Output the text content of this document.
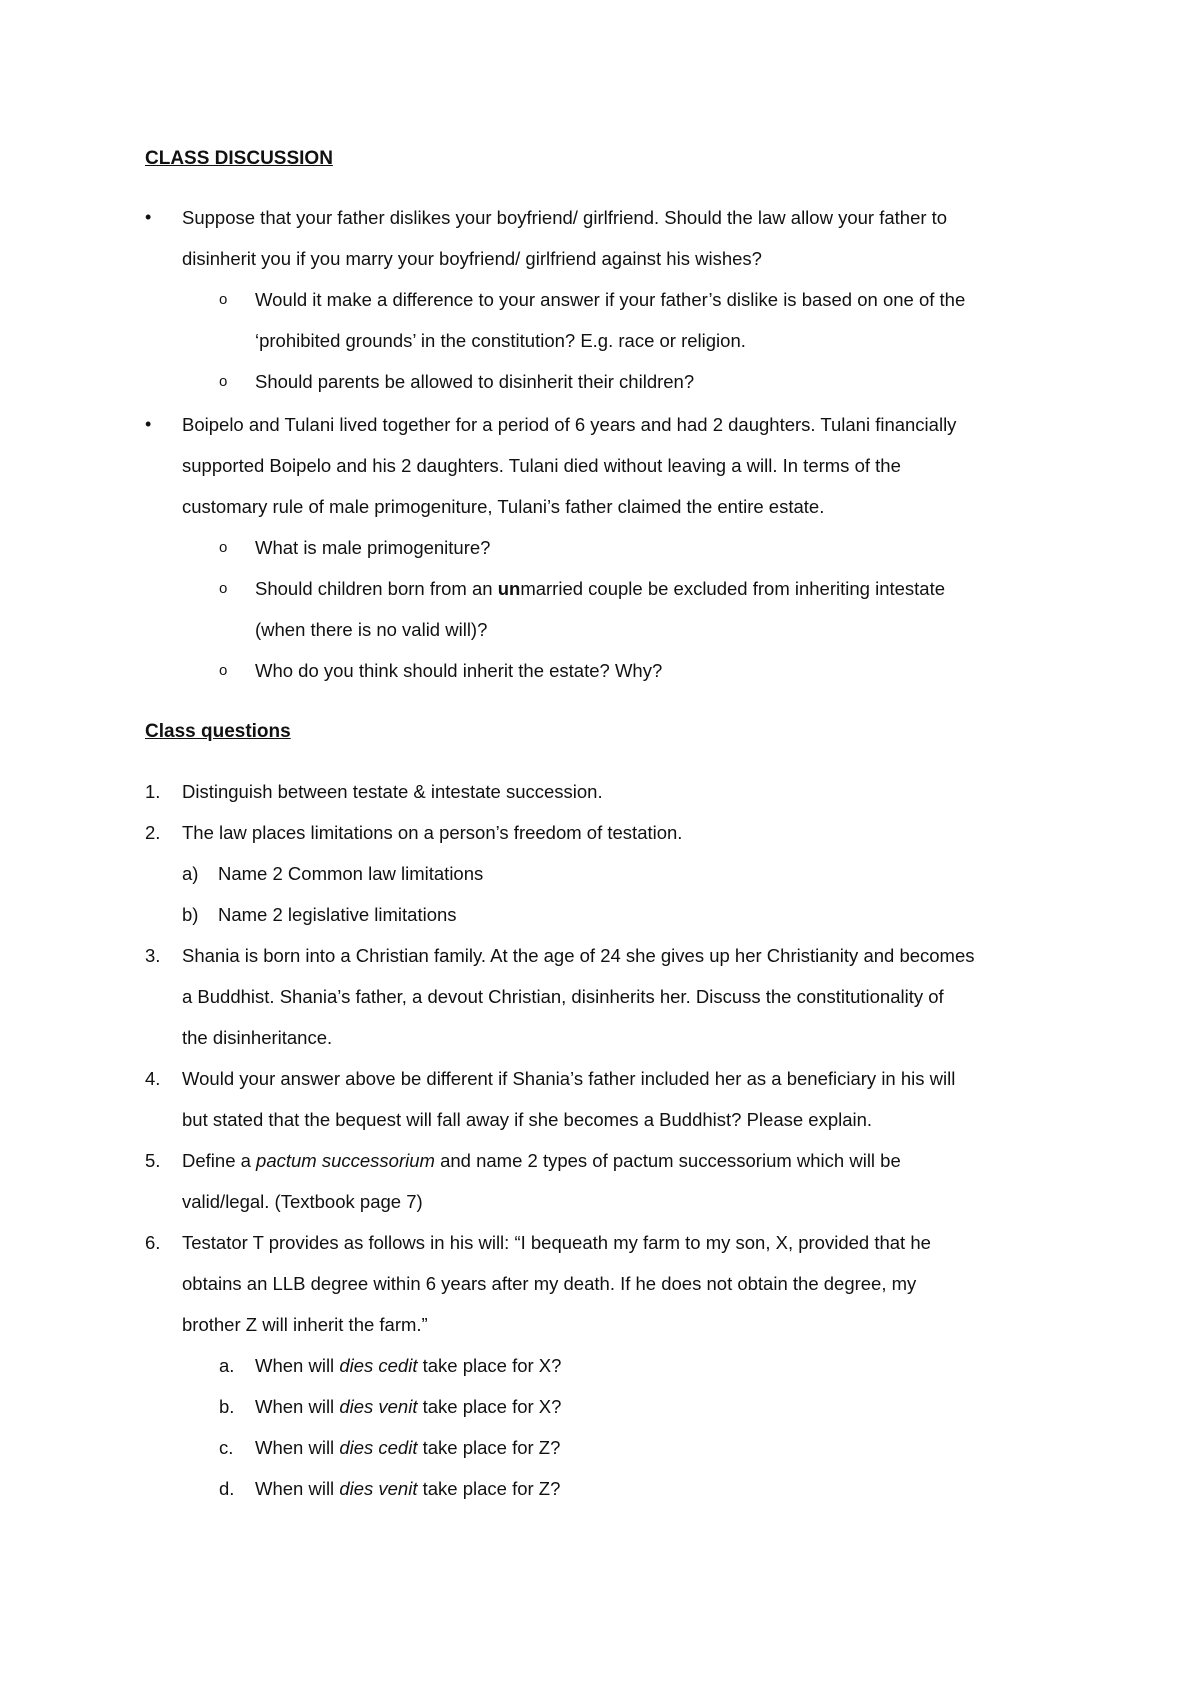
CLASS DISCUSSION
• Suppose that your father dislikes your boyfriend/ girlfriend. Should the law allow your father to

disinherit you if you marry your boyfriend/ girlfriend against his wishes?

o Would it make a difference to your answer if your father’s dislike is based on one of the

‘prohibited grounds’ in the constitution? E.g. race or religion.

o Should parents be allowed to disinherit their children?

• Boipelo and Tulani lived together for a period of 6 years and had 2 daughters. Tulani financially

supported Boipelo and his 2 daughters. Tulani died without leaving a will. In terms of the

customary rule of male primogeniture, Tulani’s father claimed the entire estate.

o What is male primogeniture?

o Should children born from an unmarried couple be excluded from inheriting intestate

(when there is no valid will)?

o Who do you think should inherit the estate? Why?

Class questions
1. Distinguish between testate & intestate succession.

2. The law places limitations on a person’s freedom of testation.

a) Name 2 Common law limitations

b) Name 2 legislative limitations

3. Shania is born into a Christian family. At the age of 24 she gives up her Christianity and becomes

a Buddhist. Shania’s father, a devout Christian, disinherits her. Discuss the constitutionality of

the disinheritance.

4. Would your answer above be different if Shania’s father included her as a beneficiary in his will

but stated that the bequest will fall away if she becomes a Buddhist? Please explain.

5. Define a pactum successorium and name 2 types of pactum successorium which will be

valid/legal. (Textbook page 7)

6. Testator T provides as follows in his will: “I bequeath my farm to my son, X, provided that he

obtains an LLB degree within 6 years after my death. If he does not obtain the degree, my

brother Z will inherit the farm.”

a. When will dies cedit take place for X?

b. When will dies venit take place for X?

c. When will dies cedit take place for Z?

d. When will dies venit take place for Z?
